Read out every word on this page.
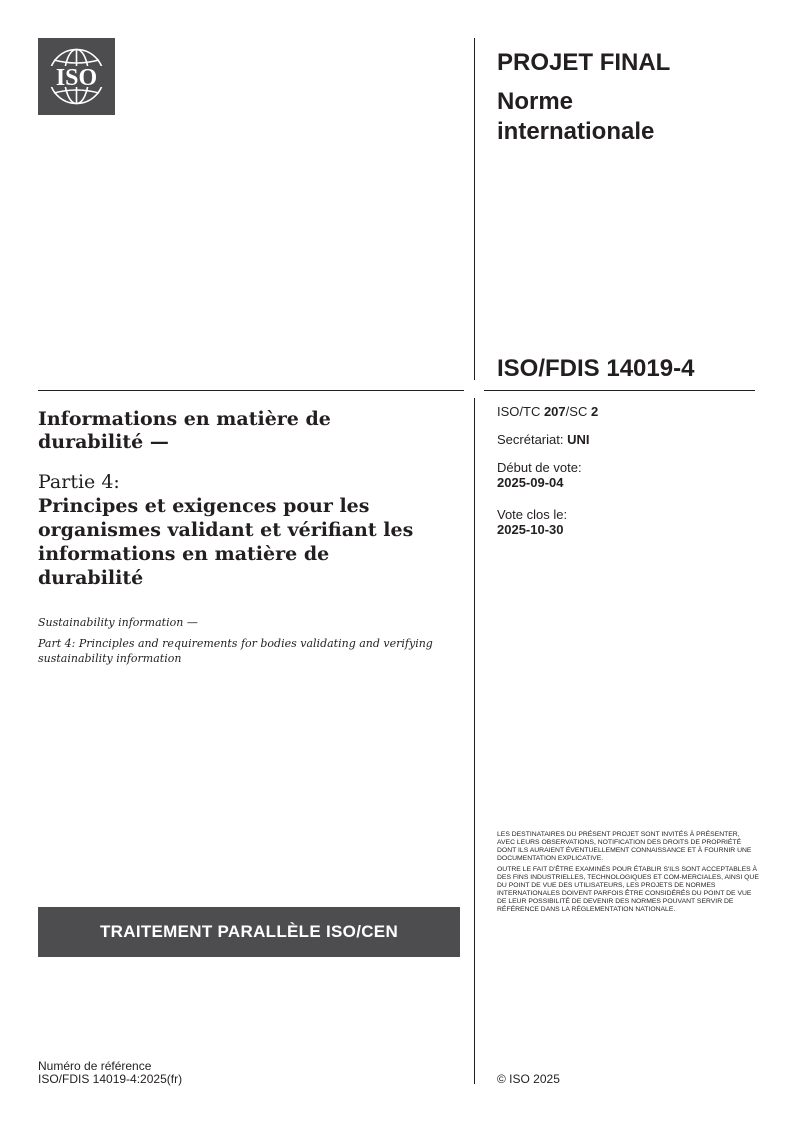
ISO
PROJET FINAL
Norme
internationale
ISO/FDIS 14019-4
ISO/TC 207/SC 2
Secrétariat: UNI
Début de vote:
2025-09-04
Vote clos le:
2025-10-30
Informations en matière de durabilité —
Partie 4:
Principes et exigences pour les organismes validant et vérifiant les informations en matière de durabilité
Sustainability information —
Part 4: Principles and requirements for bodies validating and verifying sustainability information

LES DESTINATAIRES DU PRÉSENT PROJET SONT INVITÉS À PRÉSENTER, AVEC LEURS OBSERVATIONS, NOTIFICATION DES DROITS DE PROPRIÉTÉ DONT ILS AURAIENT ÉVENTUELLEMENT CONNAISSANCE ET À FOURNIR UNE DOCUMENTATION EXPLICATIVE.

OUTRE LE FAIT D'ÊTRE EXAMINÉS POUR ÉTABLIR S'ILS SONT ACCEPTABLES À DES FINS INDUSTRIELLES, TECHNOLOGIQUES ET COM-MERCIALES, AINSI QUE DU POINT DE VUE DES UTILISATEURS, LES PROJETS DE NORMES INTERNATIONALES DOIVENT PARFOIS ÊTRE CONSIDÉRÉS DU POINT DE VUE DE LEUR POSSIBILITÉ DE DEVENIR DES NORMES POUVANT SERVIR DE RÉFÉRENCE DANS LA RÉGLEMENTATION NATIONALE.

TRAITEMENT PARALLÈLE ISO/CEN
Numéro de référence
ISO/FDIS 14019-4:2025(fr)	© ISO 2025
